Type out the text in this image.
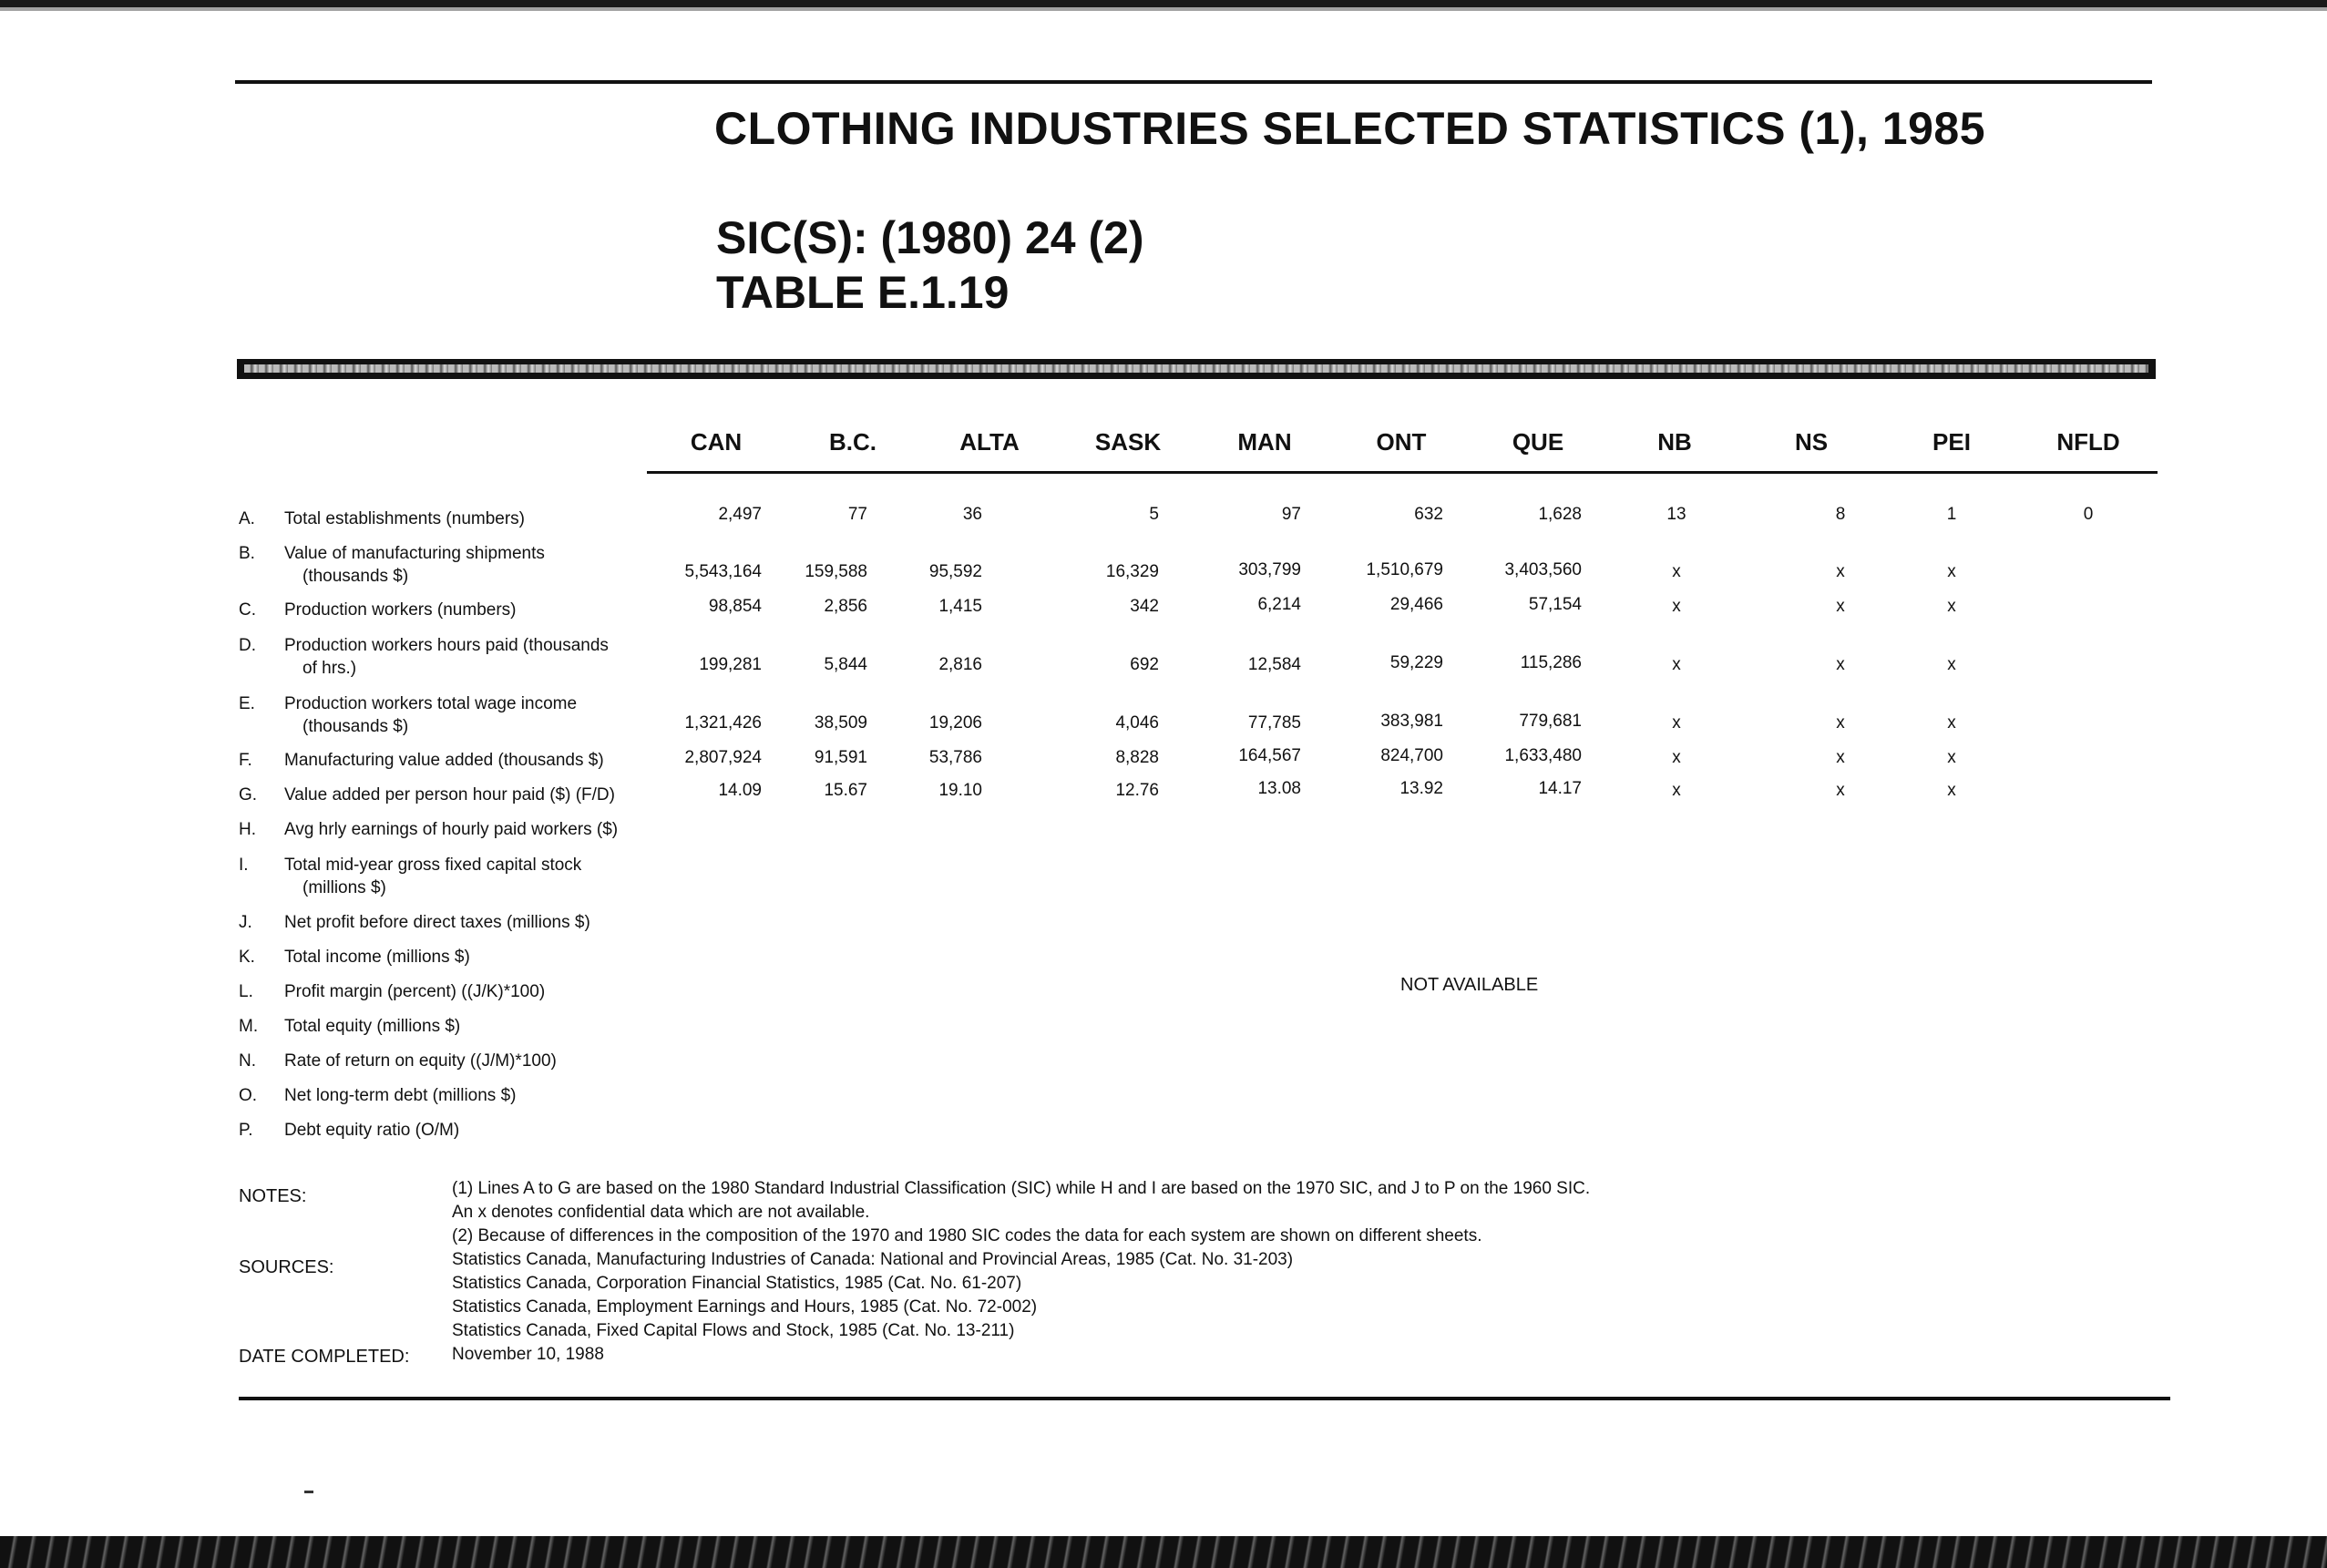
CLOTHING INDUSTRIES SELECTED STATISTICS (1), 1985
SIC(S): (1980) 24 (2)
TABLE E.1.19
CAN	B.C.	ALTA	SASK	MAN	ONT	QUE	NB	NS	PEI	NFLD
A.	Total establishments (numbers)	2,497	77	36	5	97	632	1,628	13	8	1	0
B.	Value of manufacturing shipments
(thousands $)	5,543,164	159,588	95,592	16,329	303,799	1,510,679	3,403,560	x	x	x
C.	Production workers (numbers)	98,854	2,856	1,415	342	6,214	29,466	57,154	x	x	x
D.	Production workers hours paid (thousands
of hrs.)	199,281	5,844	2,816	692	12,584	59,229	115,286	x	x	x
E.	Production workers total wage income
(thousands $)	1,321,426	38,509	19,206	4,046	77,785	383,981	779,681	x	x	x
F.	Manufacturing value added (thousands $)	2,807,924	91,591	53,786	8,828	164,567	824,700	1,633,480	x	x	x
G.	Value added per person hour paid ($) (F/D)	14.09	15.67	19.10	12.76	13.08	13.92	14.17	x	x	x
H.	Avg hrly earnings of hourly paid workers ($)
I.	Total mid-year gross fixed capital stock
(millions $)
J.	Net profit before direct taxes (millions $)
K.	Total income (millions $)
L.	Profit margin (percent) ((J/K)*100)
M.	Total equity (millions $)
N.	Rate of return on equity ((J/M)*100)
O.	Net long-term debt (millions $)
P.	Debt equity ratio (O/M)
NOT AVAILABLE
NOTES:	(1) Lines A to G are based on the 1980 Standard Industrial Classification (SIC) while H and I are based on the 1970 SIC, and J to P on the 1960 SIC.
An x denotes confidential data which are not available.
(2) Because of differences in the composition of the 1970 and 1980 SIC codes the data for each system are shown on different sheets.
SOURCES:	Statistics Canada, Manufacturing Industries of Canada: National and Provincial Areas, 1985 (Cat. No. 31-203)
Statistics Canada, Corporation Financial Statistics, 1985 (Cat. No. 61-207)
Statistics Canada, Employment Earnings and Hours, 1985 (Cat. No. 72-002)
Statistics Canada, Fixed Capital Flows and Stock, 1985 (Cat. No. 13-211)
DATE COMPLETED: November 10, 1988
